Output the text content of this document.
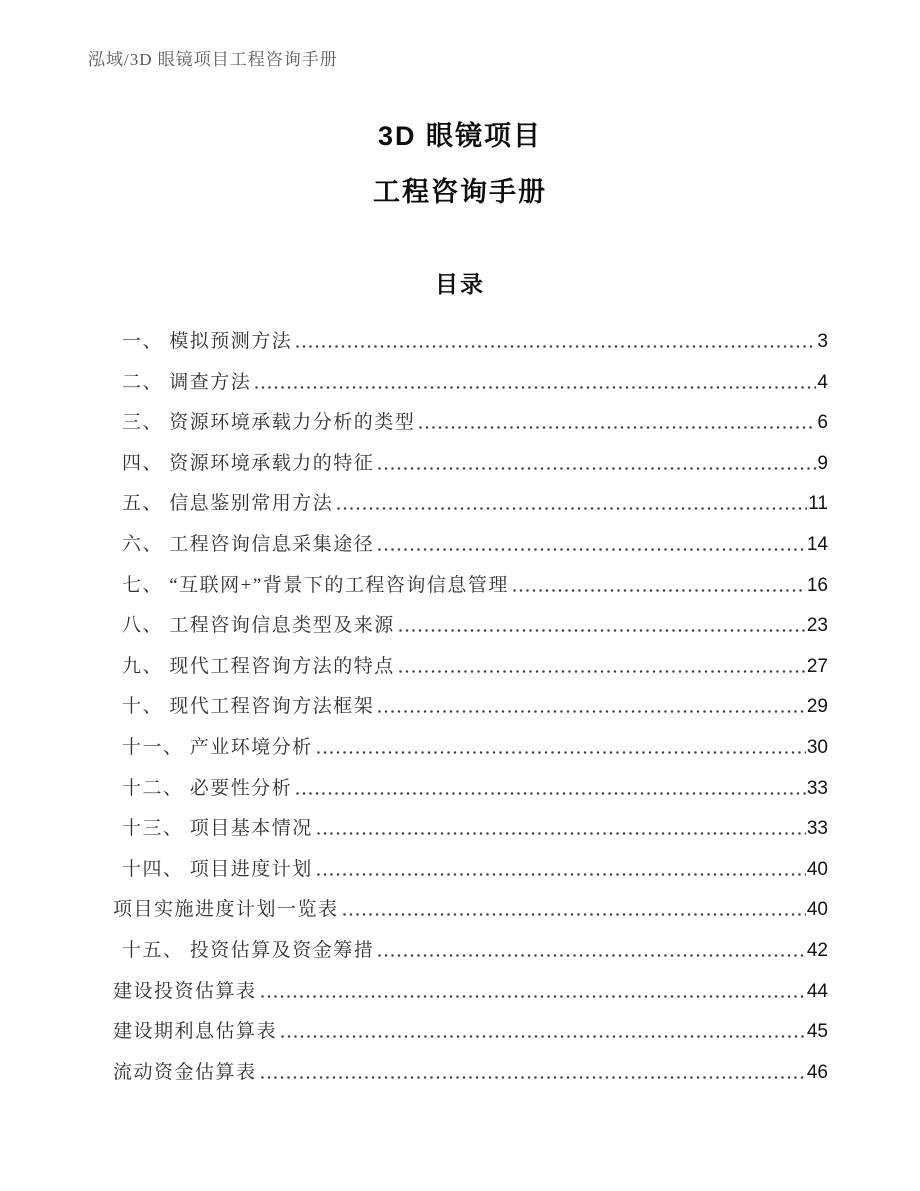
泓域/3D 眼镜项目工程咨询手册
3D 眼镜项目
工程咨询手册
目录
一、 模拟预测方法	3
二、 调查方法	4
三、 资源环境承载力分析的类型	6
四、 资源环境承载力的特征	9
五、 信息鉴别常用方法	11
六、 工程咨询信息采集途径	14
七、 “互联网+”背景下的工程咨询信息管理	16
八、 工程咨询信息类型及来源	23
九、 现代工程咨询方法的特点	27
十、 现代工程咨询方法框架	29
十一、 产业环境分析	30
十二、 必要性分析	33
十三、 项目基本情况	33
十四、 项目进度计划	40
项目实施进度计划一览表	40
十五、 投资估算及资金筹措	42
建设投资估算表	44
建设期利息估算表	45
流动资金估算表	46
